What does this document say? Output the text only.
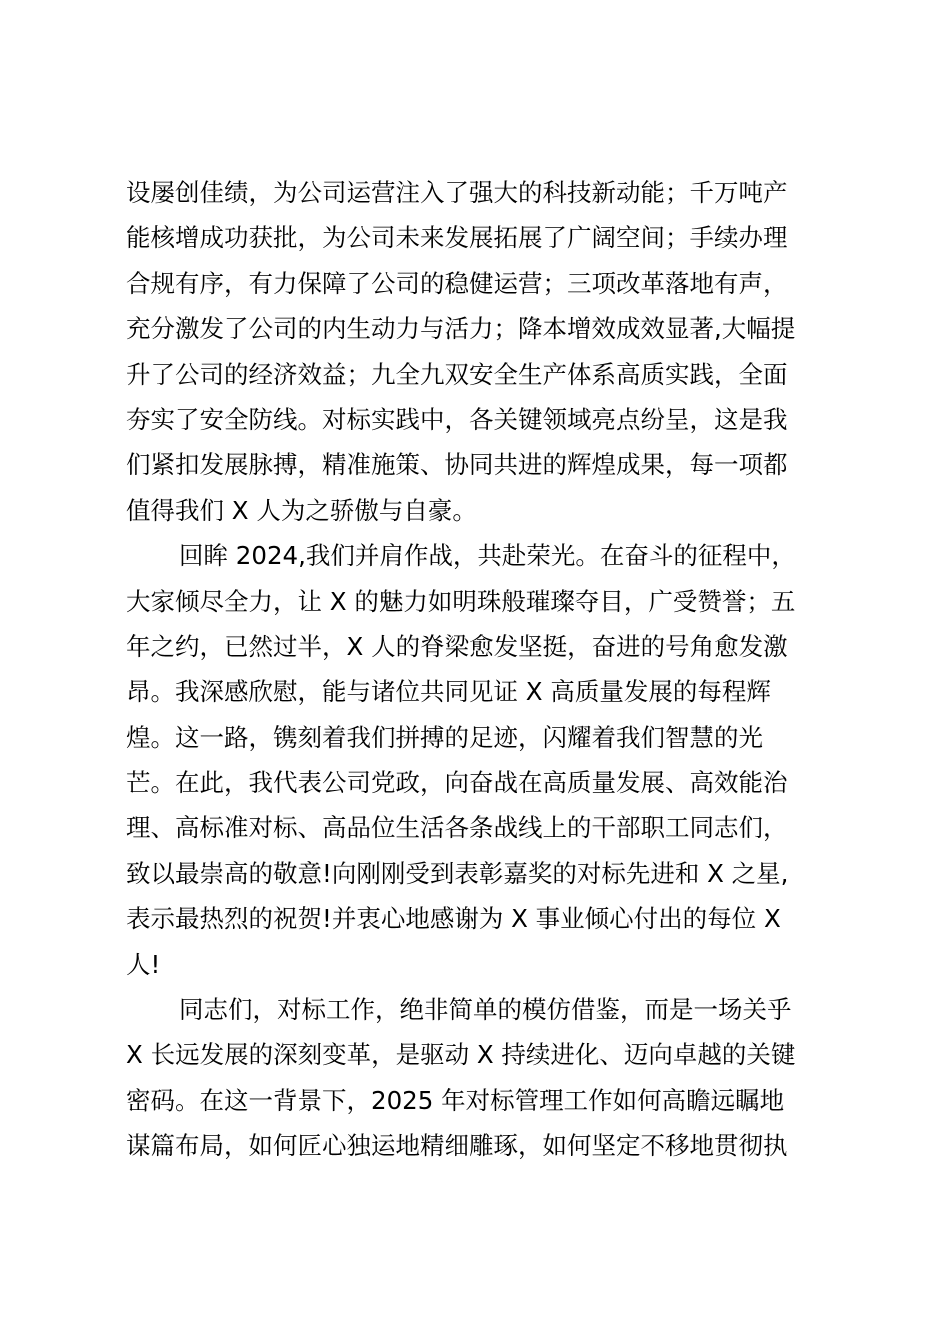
设屡创佳绩，为公司运营注入了强大的科技新动能；千万吨产
能核增成功获批，为公司未来发展拓展了广阔空间；手续办理
合规有序，有力保障了公司的稳健运营；三项改革落地有声，
充分激发了公司的内生动力与活力；降本增效成效显著,大幅提
升了公司的经济效益；九全九双安全生产体系高质实践，全面
夯实了安全防线。对标实践中，各关键领域亮点纷呈，这是我
们紧扣发展脉搏，精准施策、协同共进的辉煌成果，每一项都
值得我们 X 人为之骄傲与自豪。
回眸 2024,我们并肩作战，共赴荣光。在奋斗的征程中，
大家倾尽全力，让 X 的魅力如明珠般璀璨夺目，广受赞誉；五
年之约，已然过半，X 人的脊梁愈发坚挺，奋进的号角愈发激
昂。我深感欣慰，能与诸位共同见证 X 高质量发展的每程辉
煌。这一路，镌刻着我们拼搏的足迹，闪耀着我们智慧的光
芒。在此，我代表公司党政，向奋战在高质量发展、高效能治
理、高标准对标、高品位生活各条战线上的干部职工同志们，
致以最崇高的敬意!向刚刚受到表彰嘉奖的对标先进和 X 之星,
表示最热烈的祝贺!并衷心地感谢为 X 事业倾心付出的每位 X
人!
同志们，对标工作，绝非简单的模仿借鉴，而是一场关乎
X 长远发展的深刻变革，是驱动 X 持续进化、迈向卓越的关键
密码。在这一背景下，2025 年对标管理工作如何高瞻远瞩地
谋篇布局，如何匠心独运地精细雕琢，如何坚定不移地贯彻执
